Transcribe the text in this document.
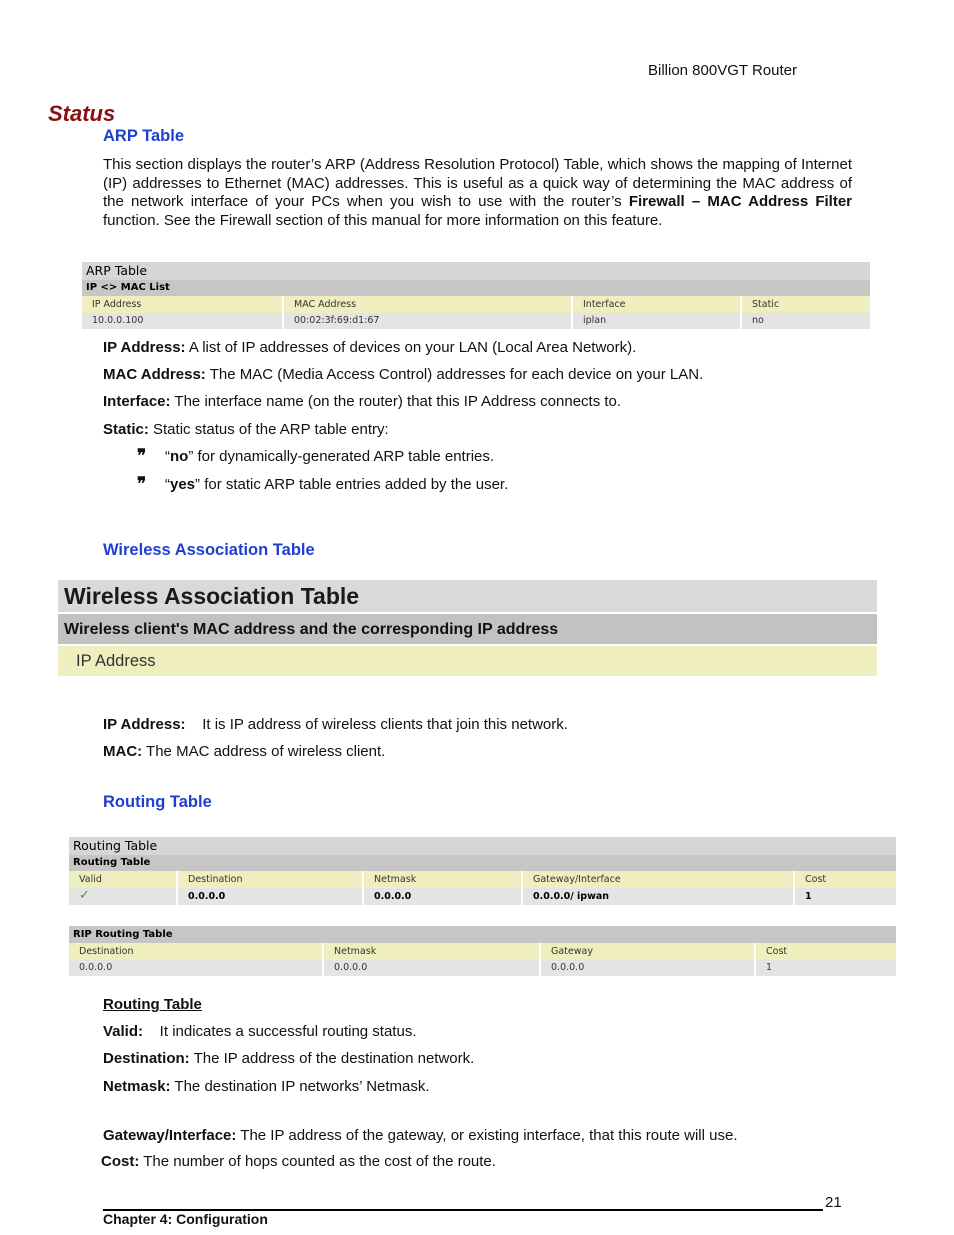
Billion 800VGT Router
Status
ARP Table
This section displays the router’s ARP (Address Resolution Protocol) Table, which shows the mapping of Internet (IP) addresses to Ethernet (MAC) addresses. This is useful as a quick way of determining the MAC address of the network interface of your PCs when you wish to use with the router’s Firewall – MAC Address Filter function. See the Firewall section of this manual for more information on this feature.
ARP Table			
IP <> MAC List			
IP Address	MAC Address	Interface	Static
10.0.0.100	00:02:3f:69:d1:67	iplan	no
IP Address: A list of IP addresses of devices on your LAN (Local Area Network).
MAC Address: The MAC (Media Access Control) addresses for each device on your LAN.
Interface: The interface name (on the router) that this IP Address connects to.
Static: Static status of the ARP table entry:
❞ “no” for dynamically-generated ARP table entries.
❞ “yes” for static ARP table entries added by the user.
Wireless Association Table
Wireless Association Table
Wireless client's MAC address and the corresponding IP address
IP Address
IP Address:    It is IP address of wireless clients that join this network.
MAC: The MAC address of wireless client.
Routing Table
Routing Table				
Routing Table				
Valid	Destination	Netmask	Gateway/Interface	Cost
✓	0.0.0.0	0.0.0.0	0.0.0.0/ ipwan	1
RIP Routing Table			
Destination	Netmask	Gateway	Cost
0.0.0.0	0.0.0.0	0.0.0.0	1
Routing Table
Valid:    It indicates a successful routing status.
Destination: The IP address of the destination network.
Netmask: The destination IP networks’ Netmask.
Gateway/Interface: The IP address of the gateway, or existing interface, that this route will use.
Cost: The number of hops counted as the cost of the route.
21
Chapter 4: Configuration
